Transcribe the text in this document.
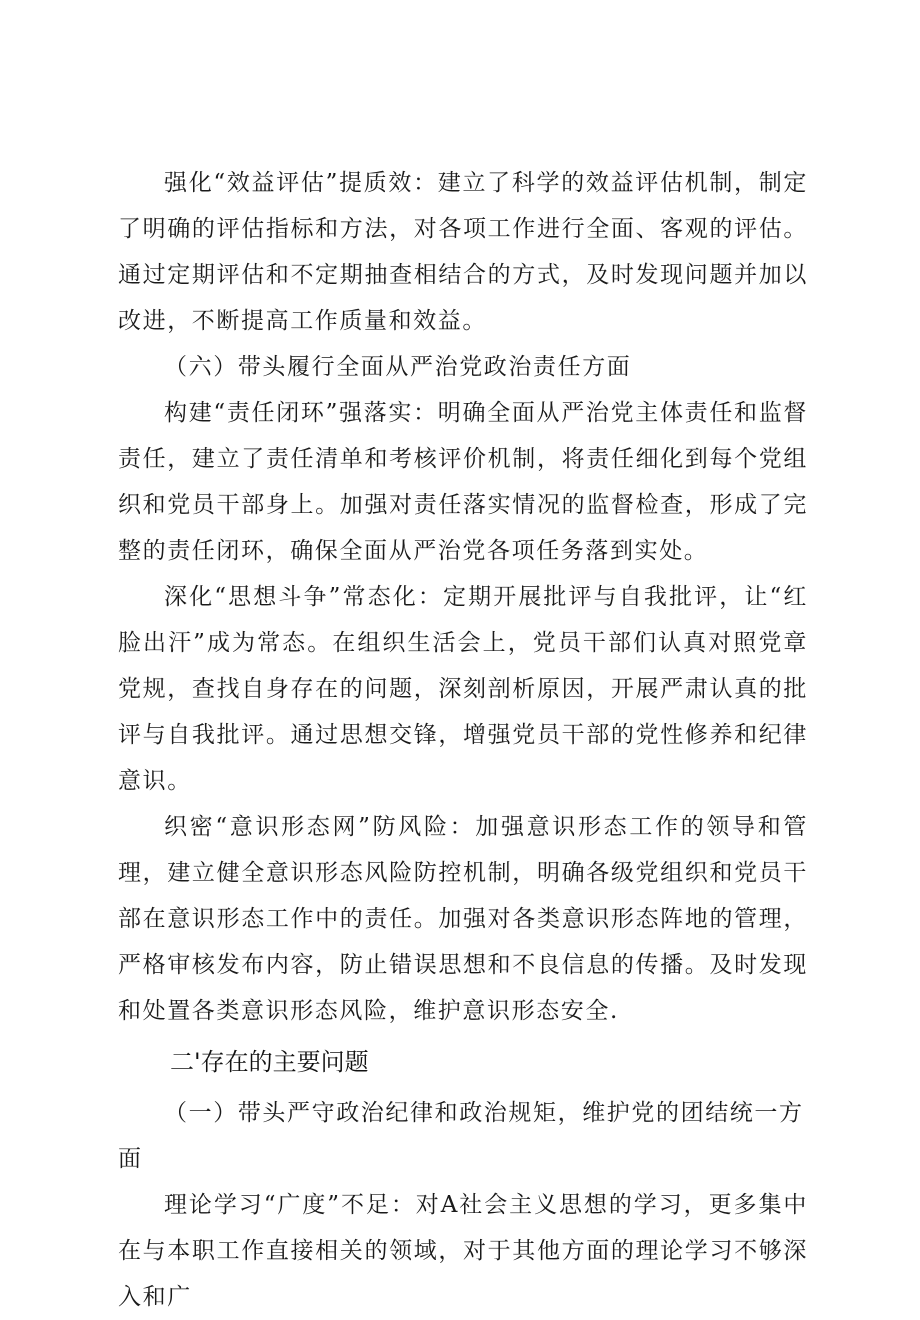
强化“效益评估”提质效：建立了科学的效益评估机制，制定了明确的评估指标和方法，对各项工作进行全面、客观的评估。通过定期评估和不定期抽查相结合的方式，及时发现问题并加以改进，不断提高工作质量和效益。

（六）带头履行全面从严治党政治责任方面

构建“责任闭环”强落实：明确全面从严治党主体责任和监督责任，建立了责任清单和考核评价机制，将责任细化到每个党组织和党员干部身上。加强对责任落实情况的监督检查，形成了完整的责任闭环，确保全面从严治党各项任务落到实处。

深化“思想斗争”常态化：定期开展批评与自我批评，让“红脸出汗”成为常态。在组织生活会上，党员干部们认真对照党章党规，查找自身存在的问题，深刻剖析原因，开展严肃认真的批评与自我批评。通过思想交锋，增强党员干部的党性修养和纪律意识。

织密“意识形态网”防风险：加强意识形态工作的领导和管理，建立健全意识形态风险防控机制，明确各级党组织和党员干部在意识形态工作中的责任。加强对各类意识形态阵地的管理，严格审核发布内容，防止错误思想和不良信息的传播。及时发现和处置各类意识形态风险，维护意识形态安全.

二'存在的主要问题

（一）带头严守政治纪律和政治规矩，维护党的团结统一方面

理论学习“广度”不足：对A社会主义思想的学习，更多集中在与本职工作直接相关的领域，对于其他方面的理论学习不够深入和广
